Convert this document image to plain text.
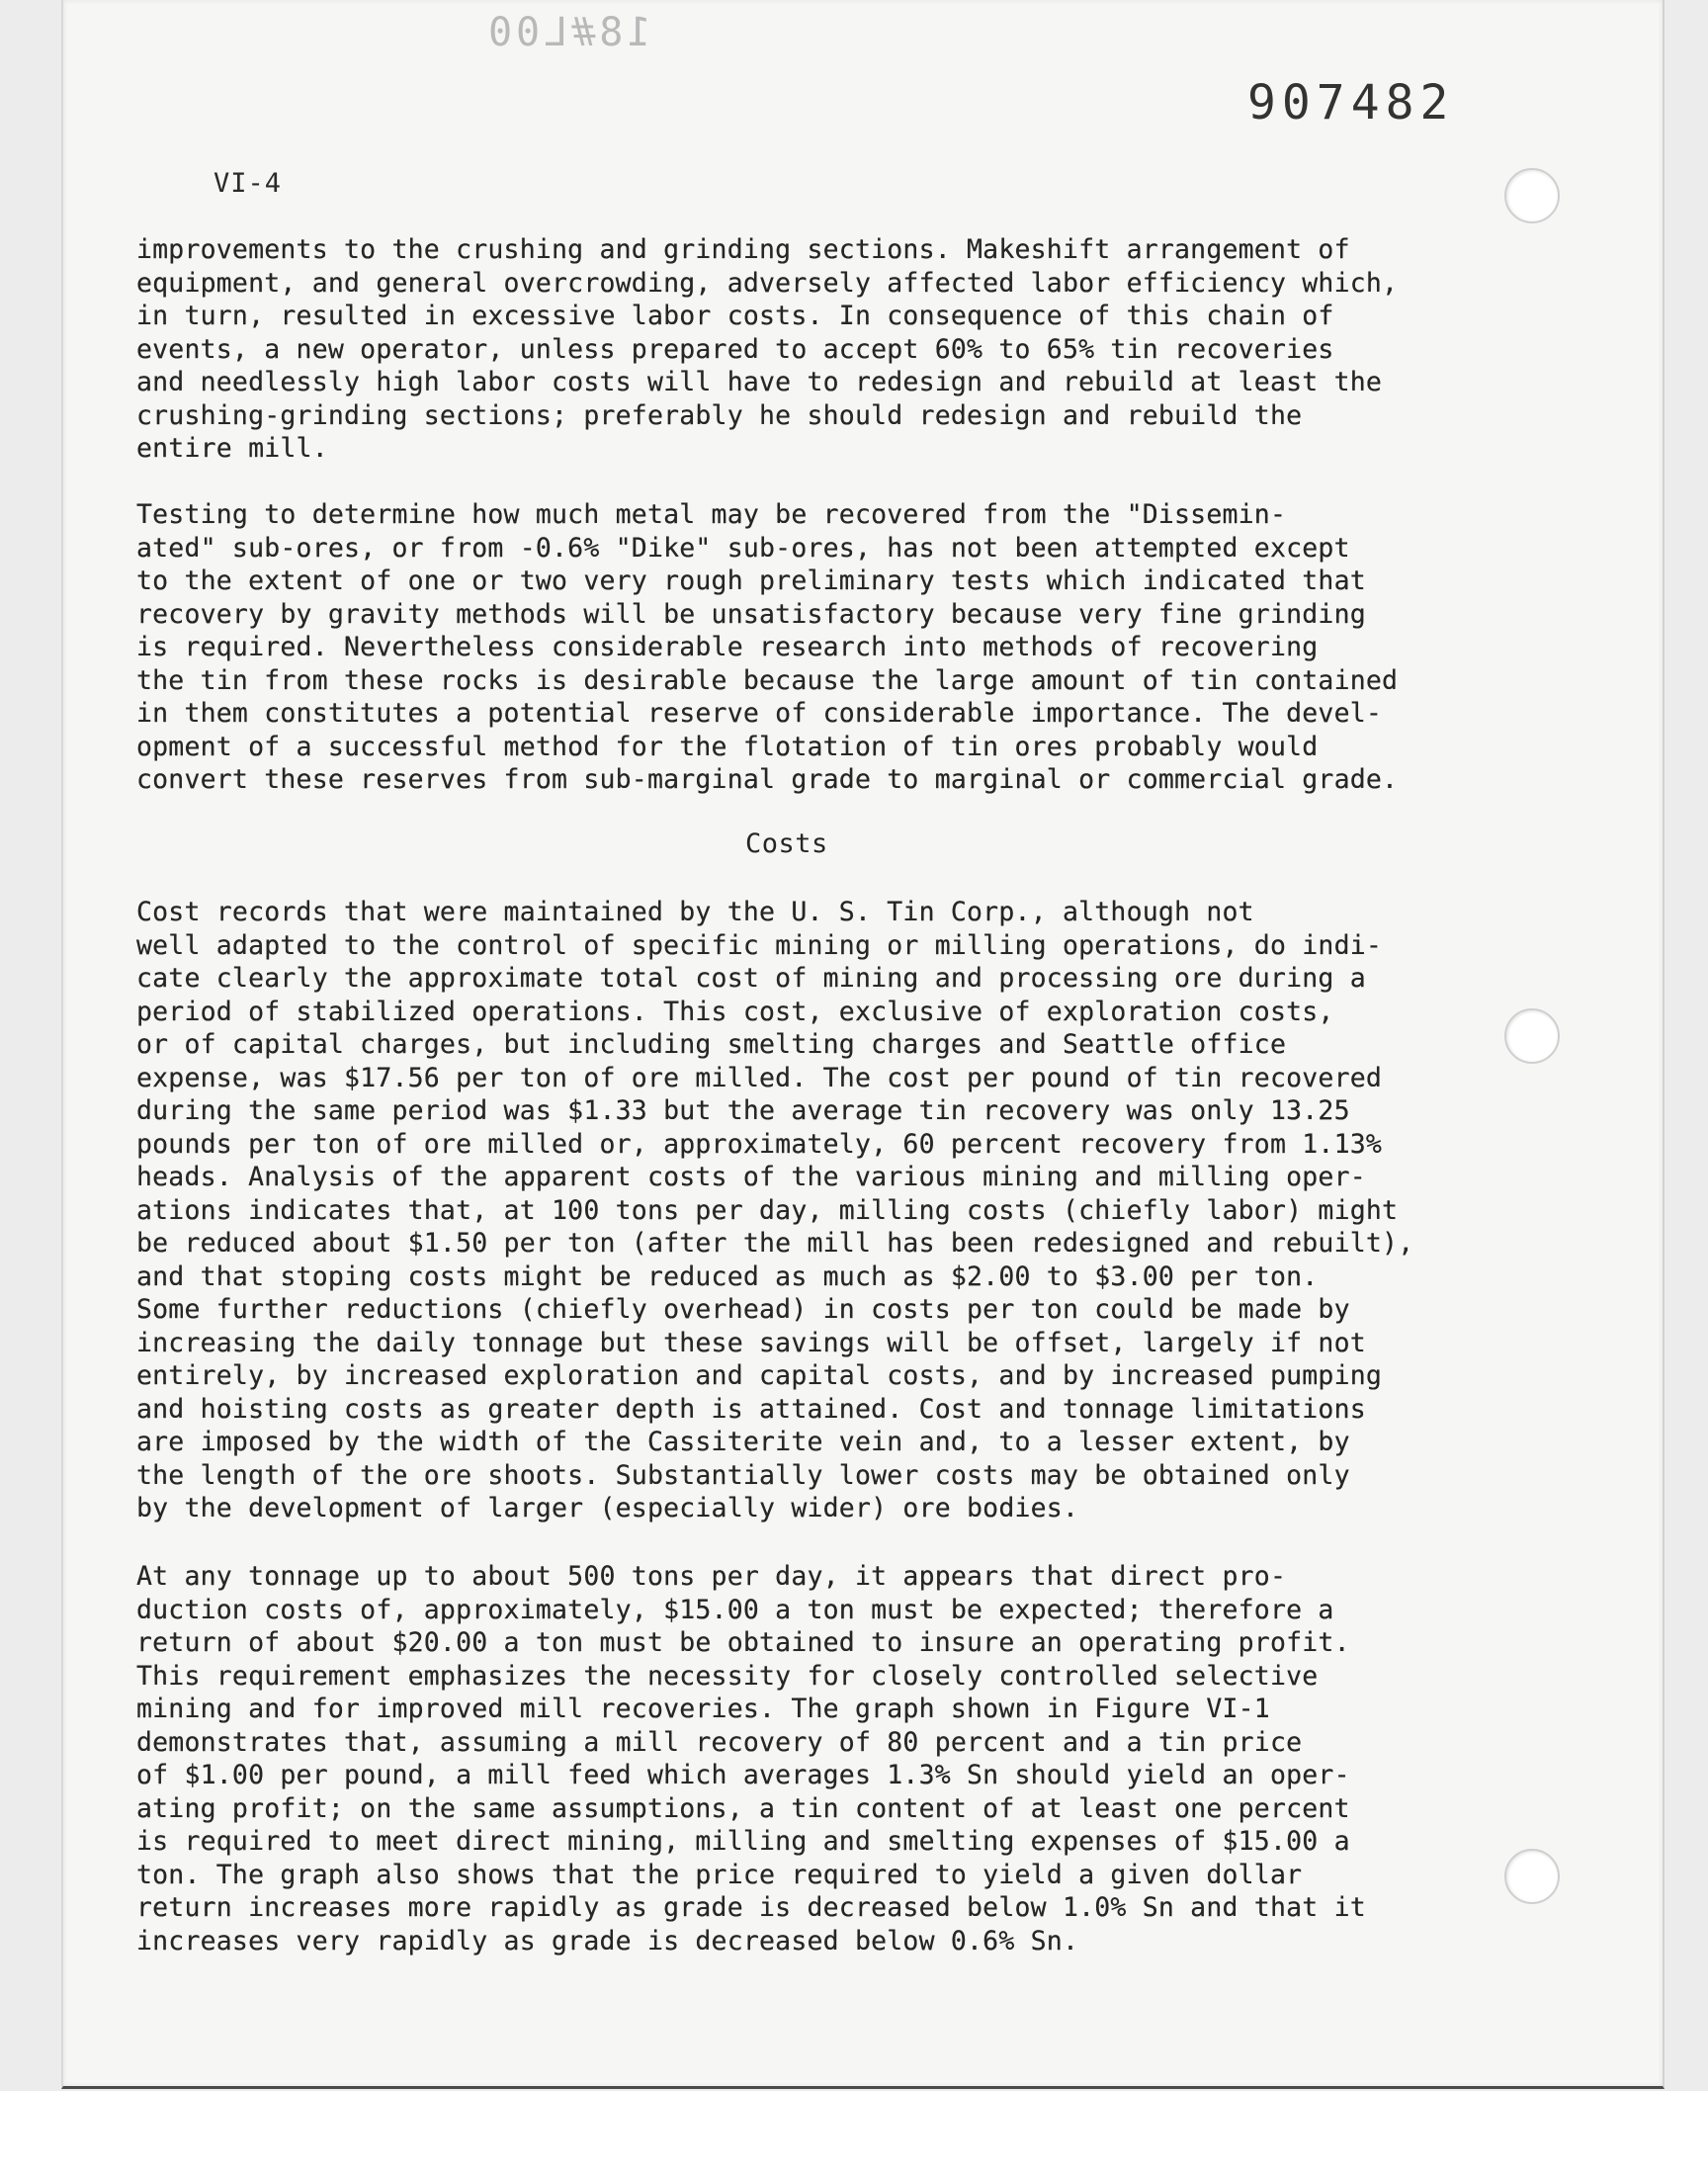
18#L00
907482
VI-4
improvements to the crushing and grinding sections. Makeshift arrangement of
equipment, and general overcrowding, adversely affected labor efficiency which,
in turn, resulted in excessive labor costs. In consequence of this chain of
events, a new operator, unless prepared to accept 60% to 65% tin recoveries
and needlessly high labor costs will have to redesign and rebuild at least the
crushing-grinding sections; preferably he should redesign and rebuild the
entire mill.
Testing to determine how much metal may be recovered from the "Dissemin-
ated" sub-ores, or from -0.6% "Dike" sub-ores, has not been attempted except
to the extent of one or two very rough preliminary tests which indicated that
recovery by gravity methods will be unsatisfactory because very fine grinding
is required. Nevertheless considerable research into methods of recovering
the tin from these rocks is desirable because the large amount of tin contained
in them constitutes a potential reserve of considerable importance. The devel-
opment of a successful method for the flotation of tin ores probably would
convert these reserves from sub-marginal grade to marginal or commercial grade.
Costs
Cost records that were maintained by the U. S. Tin Corp., although not
well adapted to the control of specific mining or milling operations, do indi-
cate clearly the approximate total cost of mining and processing ore during a
period of stabilized operations. This cost, exclusive of exploration costs,
or of capital charges, but including smelting charges and Seattle office
expense, was $17.56 per ton of ore milled. The cost per pound of tin recovered
during the same period was $1.33 but the average tin recovery was only 13.25
pounds per ton of ore milled or, approximately, 60 percent recovery from 1.13%
heads. Analysis of the apparent costs of the various mining and milling oper-
ations indicates that, at 100 tons per day, milling costs (chiefly labor) might
be reduced about $1.50 per ton (after the mill has been redesigned and rebuilt),
and that stoping costs might be reduced as much as $2.00 to $3.00 per ton.
Some further reductions (chiefly overhead) in costs per ton could be made by
increasing the daily tonnage but these savings will be offset, largely if not
entirely, by increased exploration and capital costs, and by increased pumping
and hoisting costs as greater depth is attained. Cost and tonnage limitations
are imposed by the width of the Cassiterite vein and, to a lesser extent, by
the length of the ore shoots. Substantially lower costs may be obtained only
by the development of larger (especially wider) ore bodies.
At any tonnage up to about 500 tons per day, it appears that direct pro-
duction costs of, approximately, $15.00 a ton must be expected; therefore a
return of about $20.00 a ton must be obtained to insure an operating profit.
This requirement emphasizes the necessity for closely controlled selective
mining and for improved mill recoveries. The graph shown in Figure VI-1
demonstrates that, assuming a mill recovery of 80 percent and a tin price
of $1.00 per pound, a mill feed which averages 1.3% Sn should yield an oper-
ating profit; on the same assumptions, a tin content of at least one percent
is required to meet direct mining, milling and smelting expenses of $15.00 a
ton. The graph also shows that the price required to yield a given dollar
return increases more rapidly as grade is decreased below 1.0% Sn and that it
increases very rapidly as grade is decreased below 0.6% Sn.
